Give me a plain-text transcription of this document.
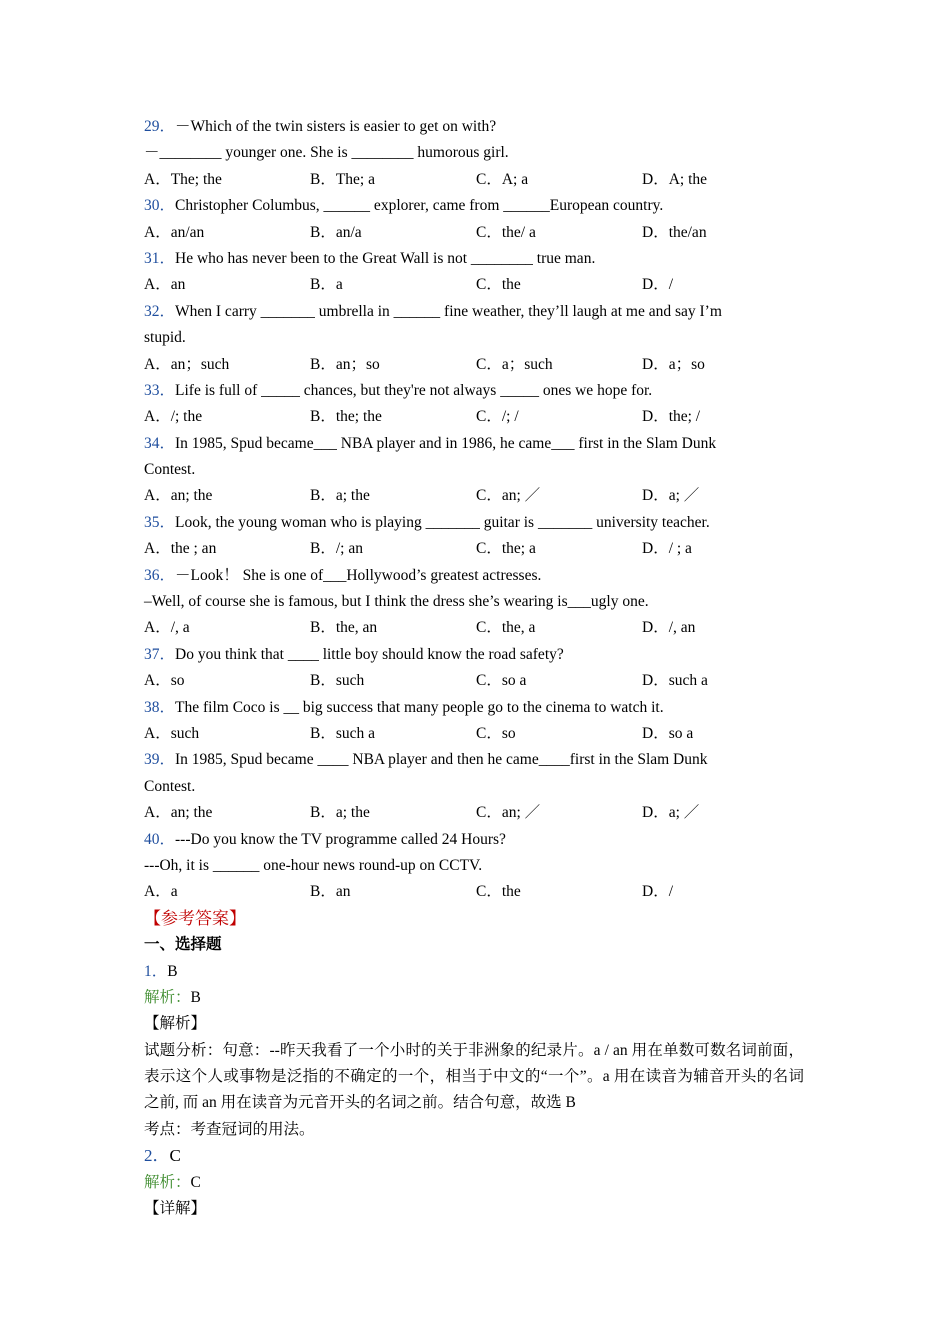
29．－Which of the twin sisters is easier to get on with?
－________ younger one. She is ________ humorous girl.
A．The; the	B．The; a	C．A; a	D．A; the
30．Christopher Columbus, ______ explorer, came from ______European country.
A．an/an	B．an/a	C．the/ a	D．the/an
31．He who has never been to the Great Wall is not ________ true man.
A．an	B．a	C．the	D．/
32．When I carry _______ umbrella in ______ fine weather, they’ll laugh at me and say I’m
stupid.
A．an；such	B．an；so	C．a；such	D．a；so
33．Life is full of _____ chances, but they're not always _____ ones we hope for.
A．/; the	B．the; the	C．/; /	D．the; /
34．In 1985, Spud became___ NBA player and in 1986, he came___ first in the Slam Dunk
Contest.
A．an; the	B．a; the	C．an; ／	D．a; ／
35．Look, the young woman who is playing _______ guitar is _______ university teacher.
A．the ; an	B．/; an	C．the; a	D．/ ; a
36．－Look！ She is one of___Hollywood’s greatest actresses.
–Well, of course she is famous, but I think the dress she’s wearing is___ugly one.
A．/, a	B．the, an	C．the, a	D．/, an
37．Do you think that ____ little boy should know the road safety?
A．so	B．such	C．so a	D．such a
38．The film Coco is __ big success that many people go to the cinema to watch it.
A．such	B．such a	C．so	D．so a
39．In 1985, Spud became ____ NBA player and then he came____first in the Slam Dunk
Contest.
A．an; the	B．a; the	C．an; ／	D．a; ／
40．---Do you know the TV programme called 24 Hours?
---Oh, it is ______ one-hour news round-up on CCTV.
A．a	B．an	C．the	D．/
【参考答案】
一、选择题
1．B
解析：B
【解析】
试题分析：句意：--昨天我看了一个小时的关于非洲象的纪录片。a / an 用在单数可数名词前面，表示这个人或事物是泛指的不确定的一个，相当于中文的“一个”。a 用在读音为辅音开头的名词之前, 而 an 用在读音为元音开头的名词之前。结合句意，故选 B
考点：考查冠词的用法。
2．C
解析：C
【详解】
